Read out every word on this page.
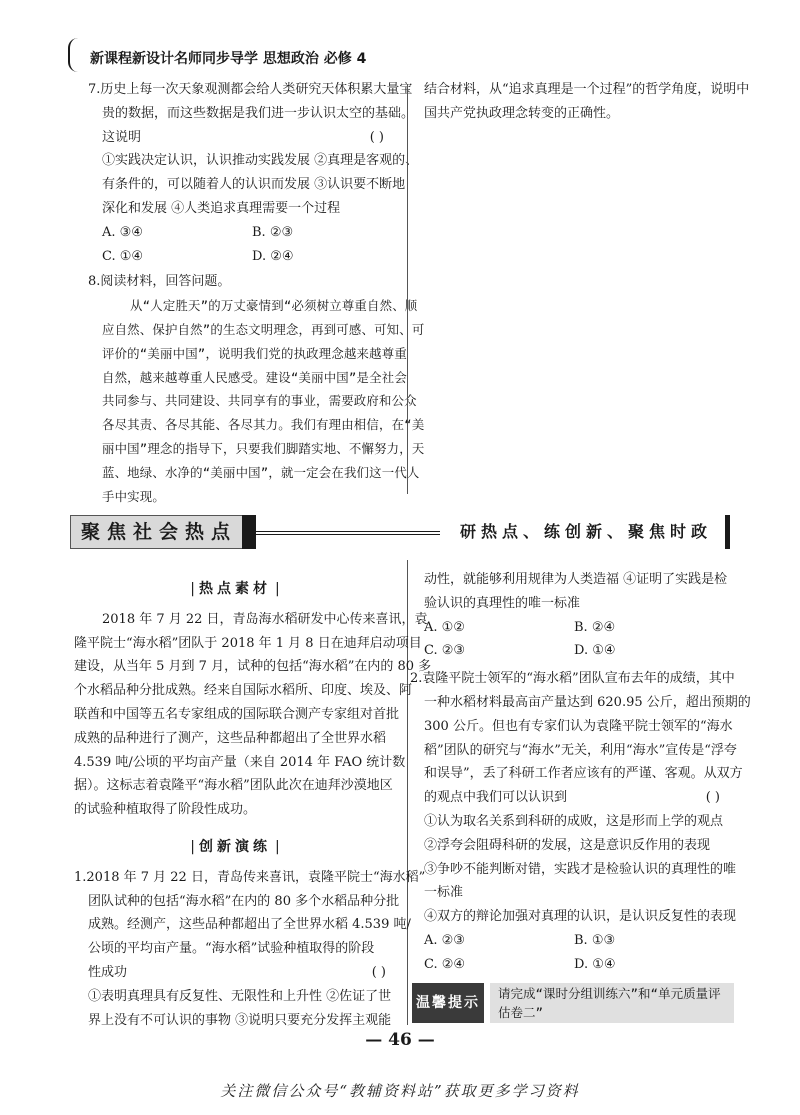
新课程新设计名师同步导学 思想政治 必修 4

7.历史上每一次天象观测都会给人类研究天体积累大量宝

贵的数据，而这些数据是我们进一步认识太空的基础。

这说明	( )

①实践决定认识，认识推动实践发展 ②真理是客观的、

有条件的，可以随着人的认识而发展 ③认识要不断地

深化和发展 ④人类追求真理需要一个过程

A. ③④	B. ②③
C. ①④	D. ②④

8.阅读材料，回答问题。

从“人定胜天”的万丈豪情到“必须树立尊重自然、顺

应自然、保护自然”的生态文明理念，再到可感、可知、可

评价的“美丽中国”，说明我们党的执政理念越来越尊重

自然，越来越尊重人民感受。建设“美丽中国”是全社会

共同参与、共同建设、共同享有的事业，需要政府和公众

各尽其责、各尽其能、各尽其力。我们有理由相信，在“美

丽中国”理念的指导下，只要我们脚踏实地、不懈努力，天

蓝、地绿、水净的“美丽中国”，就一定会在我们这一代人

手中实现。

结合材料，从“追求真理是一个过程”的哲学角度，说明中

国共产党执政理念转变的正确性。

聚焦社会热点	研热点、练创新、聚焦时政
| 热点素材 |

2018 年 7 月 22 日，青岛海水稻研发中心传来喜讯，袁

隆平院士“海水稻”团队于 2018 年 1 月 8 日在迪拜启动项目

建设，从当年 5 月到 7 月，试种的包括“海水稻”在内的 80 多

个水稻品种分批成熟。经来自国际水稻所、印度、埃及、阿

联酋和中国等五名专家组成的国际联合测产专家组对首批

成熟的品种进行了测产，这些品种都超出了全世界水稻

4.539 吨/公顷的平均亩产量（来自 2014 年 FAO 统计数

据）。这标志着袁隆平“海水稻”团队此次在迪拜沙漠地区

的试验种植取得了阶段性成功。

| 创新演练 |

1.2018 年 7 月 22 日，青岛传来喜讯，袁隆平院士“海水稻”

团队试种的包括“海水稻”在内的 80 多个水稻品种分批

成熟。经测产，这些品种都超出了全世界水稻 4.539 吨/

公顷的平均亩产量。“海水稻”试验种植取得的阶段

性成功	( )

①表明真理具有反复性、无限性和上升性 ②佐证了世

界上没有不可认识的事物 ③说明只要充分发挥主观能

动性，就能够利用规律为人类造福 ④证明了实践是检

验认识的真理性的唯一标准

A. ①②	B. ②④
C. ②③	D. ①④

2.袁隆平院士领军的“海水稻”团队宣布去年的成绩，其中

一种水稻材料最高亩产量达到 620.95 公斤，超出预期的

300 公斤。但也有专家们认为袁隆平院士领军的“海水

稻”团队的研究与“海水”无关，利用“海水”宣传是“浮夸

和误导”，丢了科研工作者应该有的严谨、客观。从双方

的观点中我们可以认识到	( )

①认为取名关系到科研的成败，这是形而上学的观点

②浮夸会阻碍科研的发展，这是意识反作用的表现

③争吵不能判断对错，实践才是检验认识的真理性的唯

一标准

④双方的辩论加强对真理的认识，是认识反复性的表现

A. ②③	B. ①③
C. ②④	D. ①④
温馨提示
请完成“课时分组训练六”和“单元质量评估卷二”
— 46 —
关注微信公众号“教辅资料站”获取更多学习资料
